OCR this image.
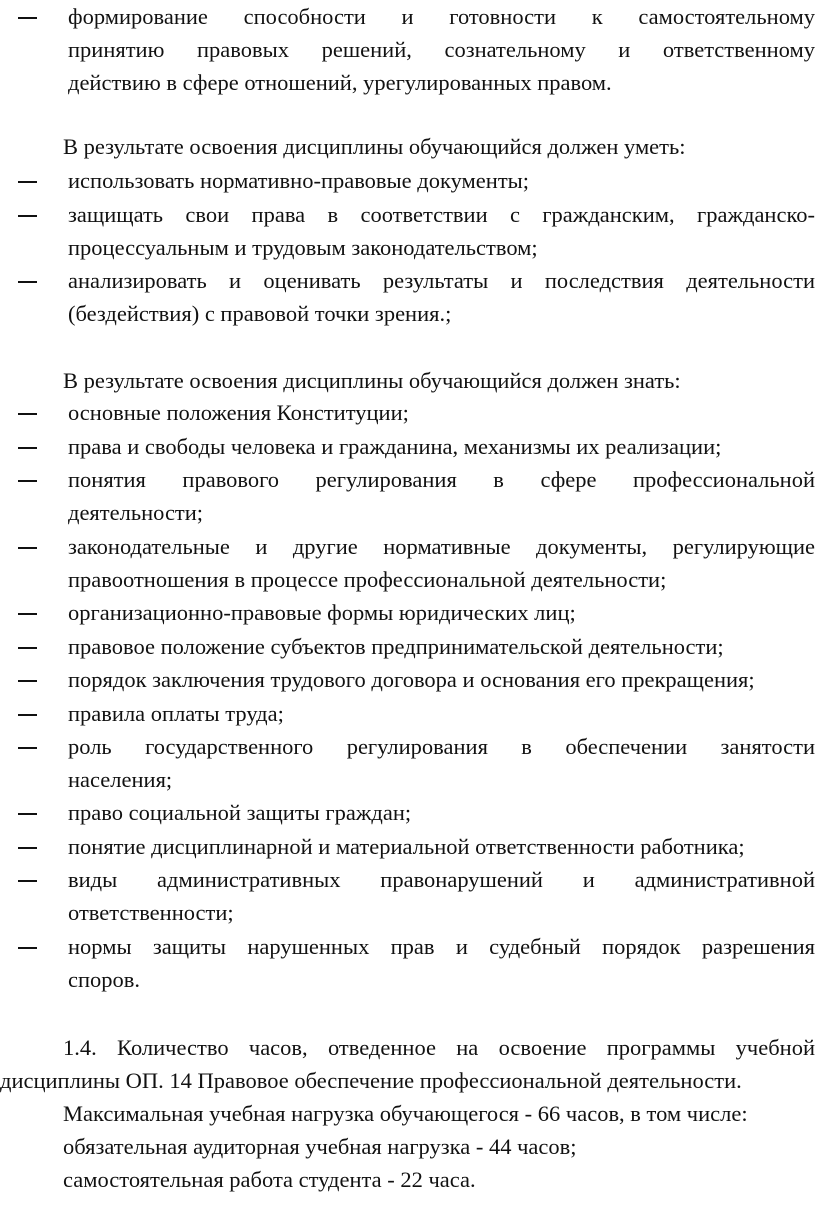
формирование способности и готовности к самостоятельному
принятию правовых решений, сознательному и ответственному
действию в сфере отношений, урегулированных правом.
В результате освоения дисциплины обучающийся должен уметь:
использовать нормативно-правовые документы;
защищать свои права в соответствии с гражданским, гражданско-
процессуальным и трудовым законодательством;
анализировать и оценивать результаты и последствия деятельности
(бездействия) с правовой точки зрения.;
В результате освоения дисциплины обучающийся должен знать:
основные положения Конституции;
права и свободы человека и гражданина, механизмы их реализации;
понятия правового регулирования в сфере профессиональной
деятельности;
законодательные и другие нормативные документы, регулирующие
правоотношения в процессе профессиональной деятельности;
организационно-правовые формы юридических лиц;
правовое положение субъектов предпринимательской деятельности;
порядок заключения трудового договора и основания его прекращения;
правила оплаты труда;
роль государственного регулирования в обеспечении занятости
населения;
право социальной защиты граждан;
понятие дисциплинарной и материальной ответственности работника;
виды административных правонарушений и административной
ответственности;
нормы защиты нарушенных прав и судебный порядок разрешения
споров.
1.4. Количество часов, отведенное на освоение программы учебной
дисциплины ОП. 14 Правовое обеспечение профессиональной деятельности.
Максимальная учебная нагрузка обучающегося - 66 часов, в том числе:
обязательная аудиторная учебная нагрузка - 44 часов;
самостоятельная работа студента - 22 часа.
